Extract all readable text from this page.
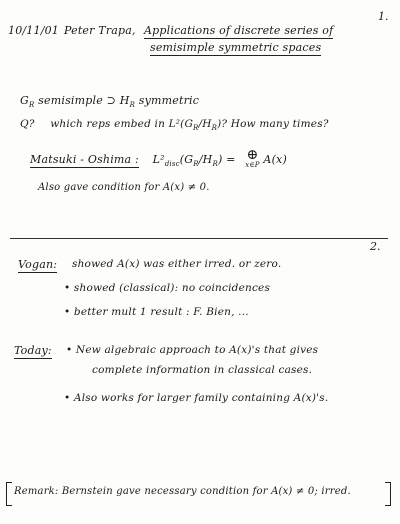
10/11/01 Peter Trapa, Applications of discrete series of
semisimple symmetric spaces
1.
$G_R$ semisimple ⊃ $H_R$ symmetric
Q? which reps embed in $L^2(G_R/H_R)$? How many times?
Matsuki - Oshima : $L^2_{disc}(G_R/H_R)$ = ⊕
x∈P A(x)
Also gave condition for A(x) ≠ 0.
2.
Vogan: showed A(x) was either irred. or zero.
• showed (classical): no coincidences
• better mult 1 result : F. Bien, ...
Today: • New algebraic approach to A(x)'s that gives
complete information in classical cases.
• Also works for larger family containing A(x)'s.
Remark: Bernstein gave necessary condition for A(x) ≠ 0; irred.
